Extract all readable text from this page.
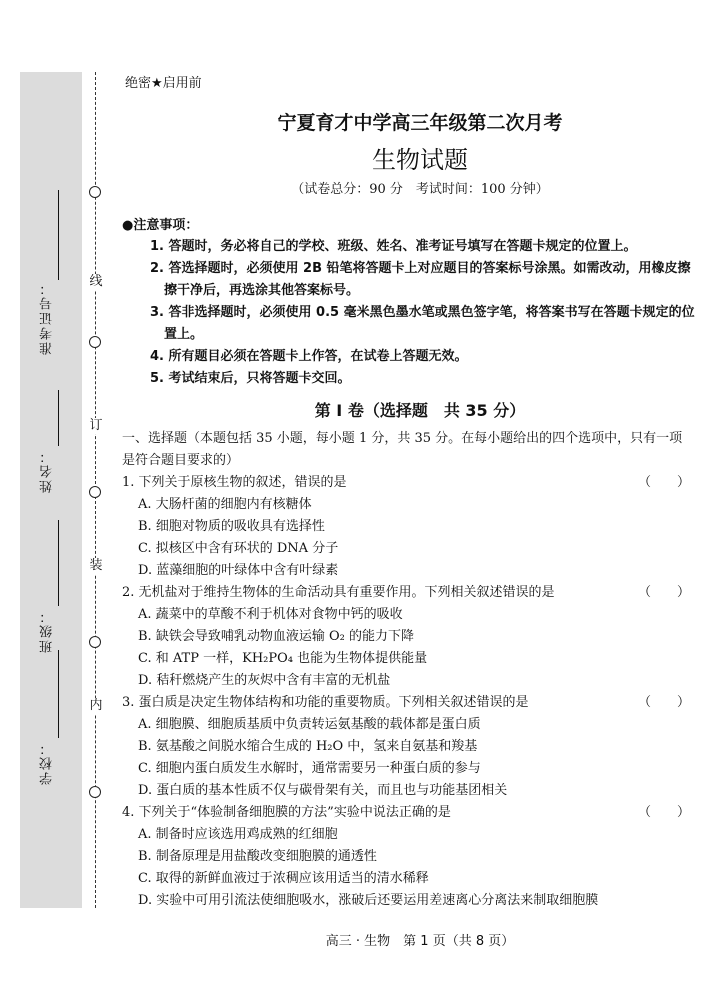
准考证号：
姓名：
班级：
学校：
线
订
装
内
绝密★启用前
宁夏育才中学高三年级第二次月考
生物试题
（试卷总分：90 分　考试时间：100 分钟）
●注意事项：
1. 答题时，务必将自己的学校、班级、姓名、准考证号填写在答题卡规定的位置上。
2. 答选择题时，必须使用 2B 铅笔将答题卡上对应题目的答案标号涂黑。如需改动，用橡皮擦擦干净后，再选涂其他答案标号。
3. 答非选择题时，必须使用 0.5 毫米黑色墨水笔或黑色签字笔，将答案书写在答题卡规定的位置上。
4. 所有题目必须在答题卡上作答，在试卷上答题无效。
5. 考试结束后，只将答题卡交回。
第 I 卷（选择题　共 35 分）
一、选择题（本题包括 35 小题，每小题 1 分，共 35 分。在每小题给出的四个选项中，只有一项是符合题目要求的）
1. 下列关于原核生物的叙述，错误的是	（　　）
A. 大肠杆菌的细胞内有核糖体
B. 细胞对物质的吸收具有选择性
C. 拟核区中含有环状的 DNA 分子
D. 蓝藻细胞的叶绿体中含有叶绿素
2. 无机盐对于维持生物体的生命活动具有重要作用。下列相关叙述错误的是	（　　）
A. 蔬菜中的草酸不利于机体对食物中钙的吸收
B. 缺铁会导致哺乳动物血液运输 O₂ 的能力下降
C. 和 ATP 一样，KH₂PO₄ 也能为生物体提供能量
D. 秸秆燃烧产生的灰烬中含有丰富的无机盐
3. 蛋白质是决定生物体结构和功能的重要物质。下列相关叙述错误的是	（　　）
A. 细胞膜、细胞质基质中负责转运氨基酸的载体都是蛋白质
B. 氨基酸之间脱水缩合生成的 H₂O 中，氢来自氨基和羧基
C. 细胞内蛋白质发生水解时，通常需要另一种蛋白质的参与
D. 蛋白质的基本性质不仅与碳骨架有关，而且也与功能基团相关
4. 下列关于“体验制备细胞膜的方法”实验中说法正确的是	（　　）
A. 制备时应该选用鸡成熟的红细胞
B. 制备原理是用盐酸改变细胞膜的通透性
C. 取得的新鲜血液过于浓稠应该用适当的清水稀释
D. 实验中可用引流法使细胞吸水，涨破后还要运用差速离心分离法来制取细胞膜
高三 · 生物　第 1 页（共 8 页）
